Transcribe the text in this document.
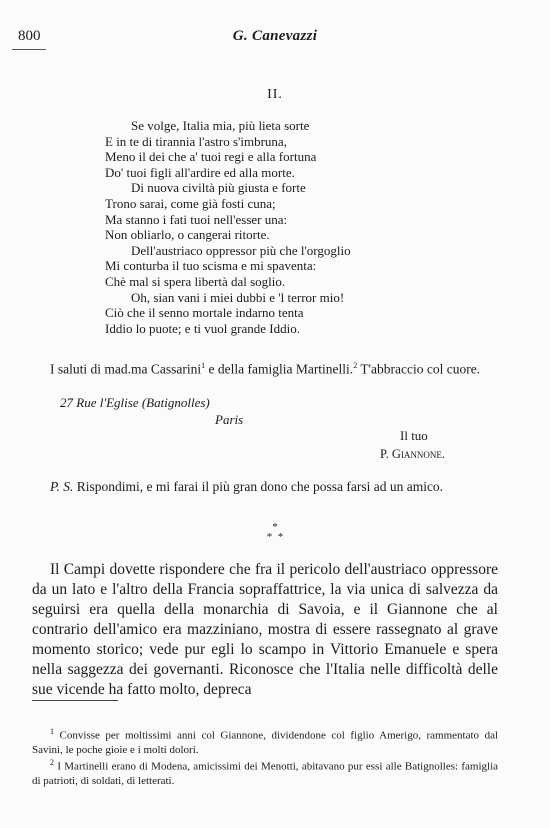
800	G. Canevazzi
II.
Se volge, Italia mia, più lieta sorte
E in te di tirannia l'astro s'imbruna,
Meno il dei che a' tuoi regi e alla fortuna
Do' tuoi figli all'ardire ed alla morte.
Di nuova civiltà più giusta e forte
Trono sarai, come già fosti cuna;
Ma stanno i fati tuoi nell'esser una:
Non obliarlo, o cangerai ritorte.
Dell'austriaco oppressor più che l'orgoglio
Mi conturba il tuo scisma e mi spaventa:
Chè mal si spera libertà dal soglio.
Oh, sian vani i miei dubbi e 'l terror mio!
Ciò che il senno mortale indarno tenta
Iddio lo puote; e ti vuol grande Iddio.
I saluti di mad.ma Cassarini$^1$ e della famiglia Martinelli.$^2$ T'abbraccio col cuore.
27 Rue l'Eglise (Batignolles)
Paris
Il tuo
P. Giannone.
P. S. Rispondimi, e mi farai il più gran dono che possa farsi ad un amico.
*
* *
Il Campi dovette rispondere che fra il pericolo dell'austriaco oppressore da un lato e l'altro della Francia sopraffattrice, la via unica di salvezza da seguirsi era quella della monarchia di Savoia, e il Giannone che al contrario dell'amico era mazziniano, mostra di essere rassegnato al grave momento storico; vede pur egli lo scampo in Vittorio Emanuele e spera nella saggezza dei governanti. Riconosce che l'Italia nelle difficoltà delle sue vicende ha fatto molto, depreca
$^1$ Convisse per moltissimi anni col Giannone, dividendone col figlio Amerigo, rammentato dal Savini, le poche gioie e i molti dolori.
$^2$ I Martinelli erano di Modena, amicissimi dei Menotti, abitavano pur essi alle Batignolles: famiglia di patrioti, di soldati, di letterati.
